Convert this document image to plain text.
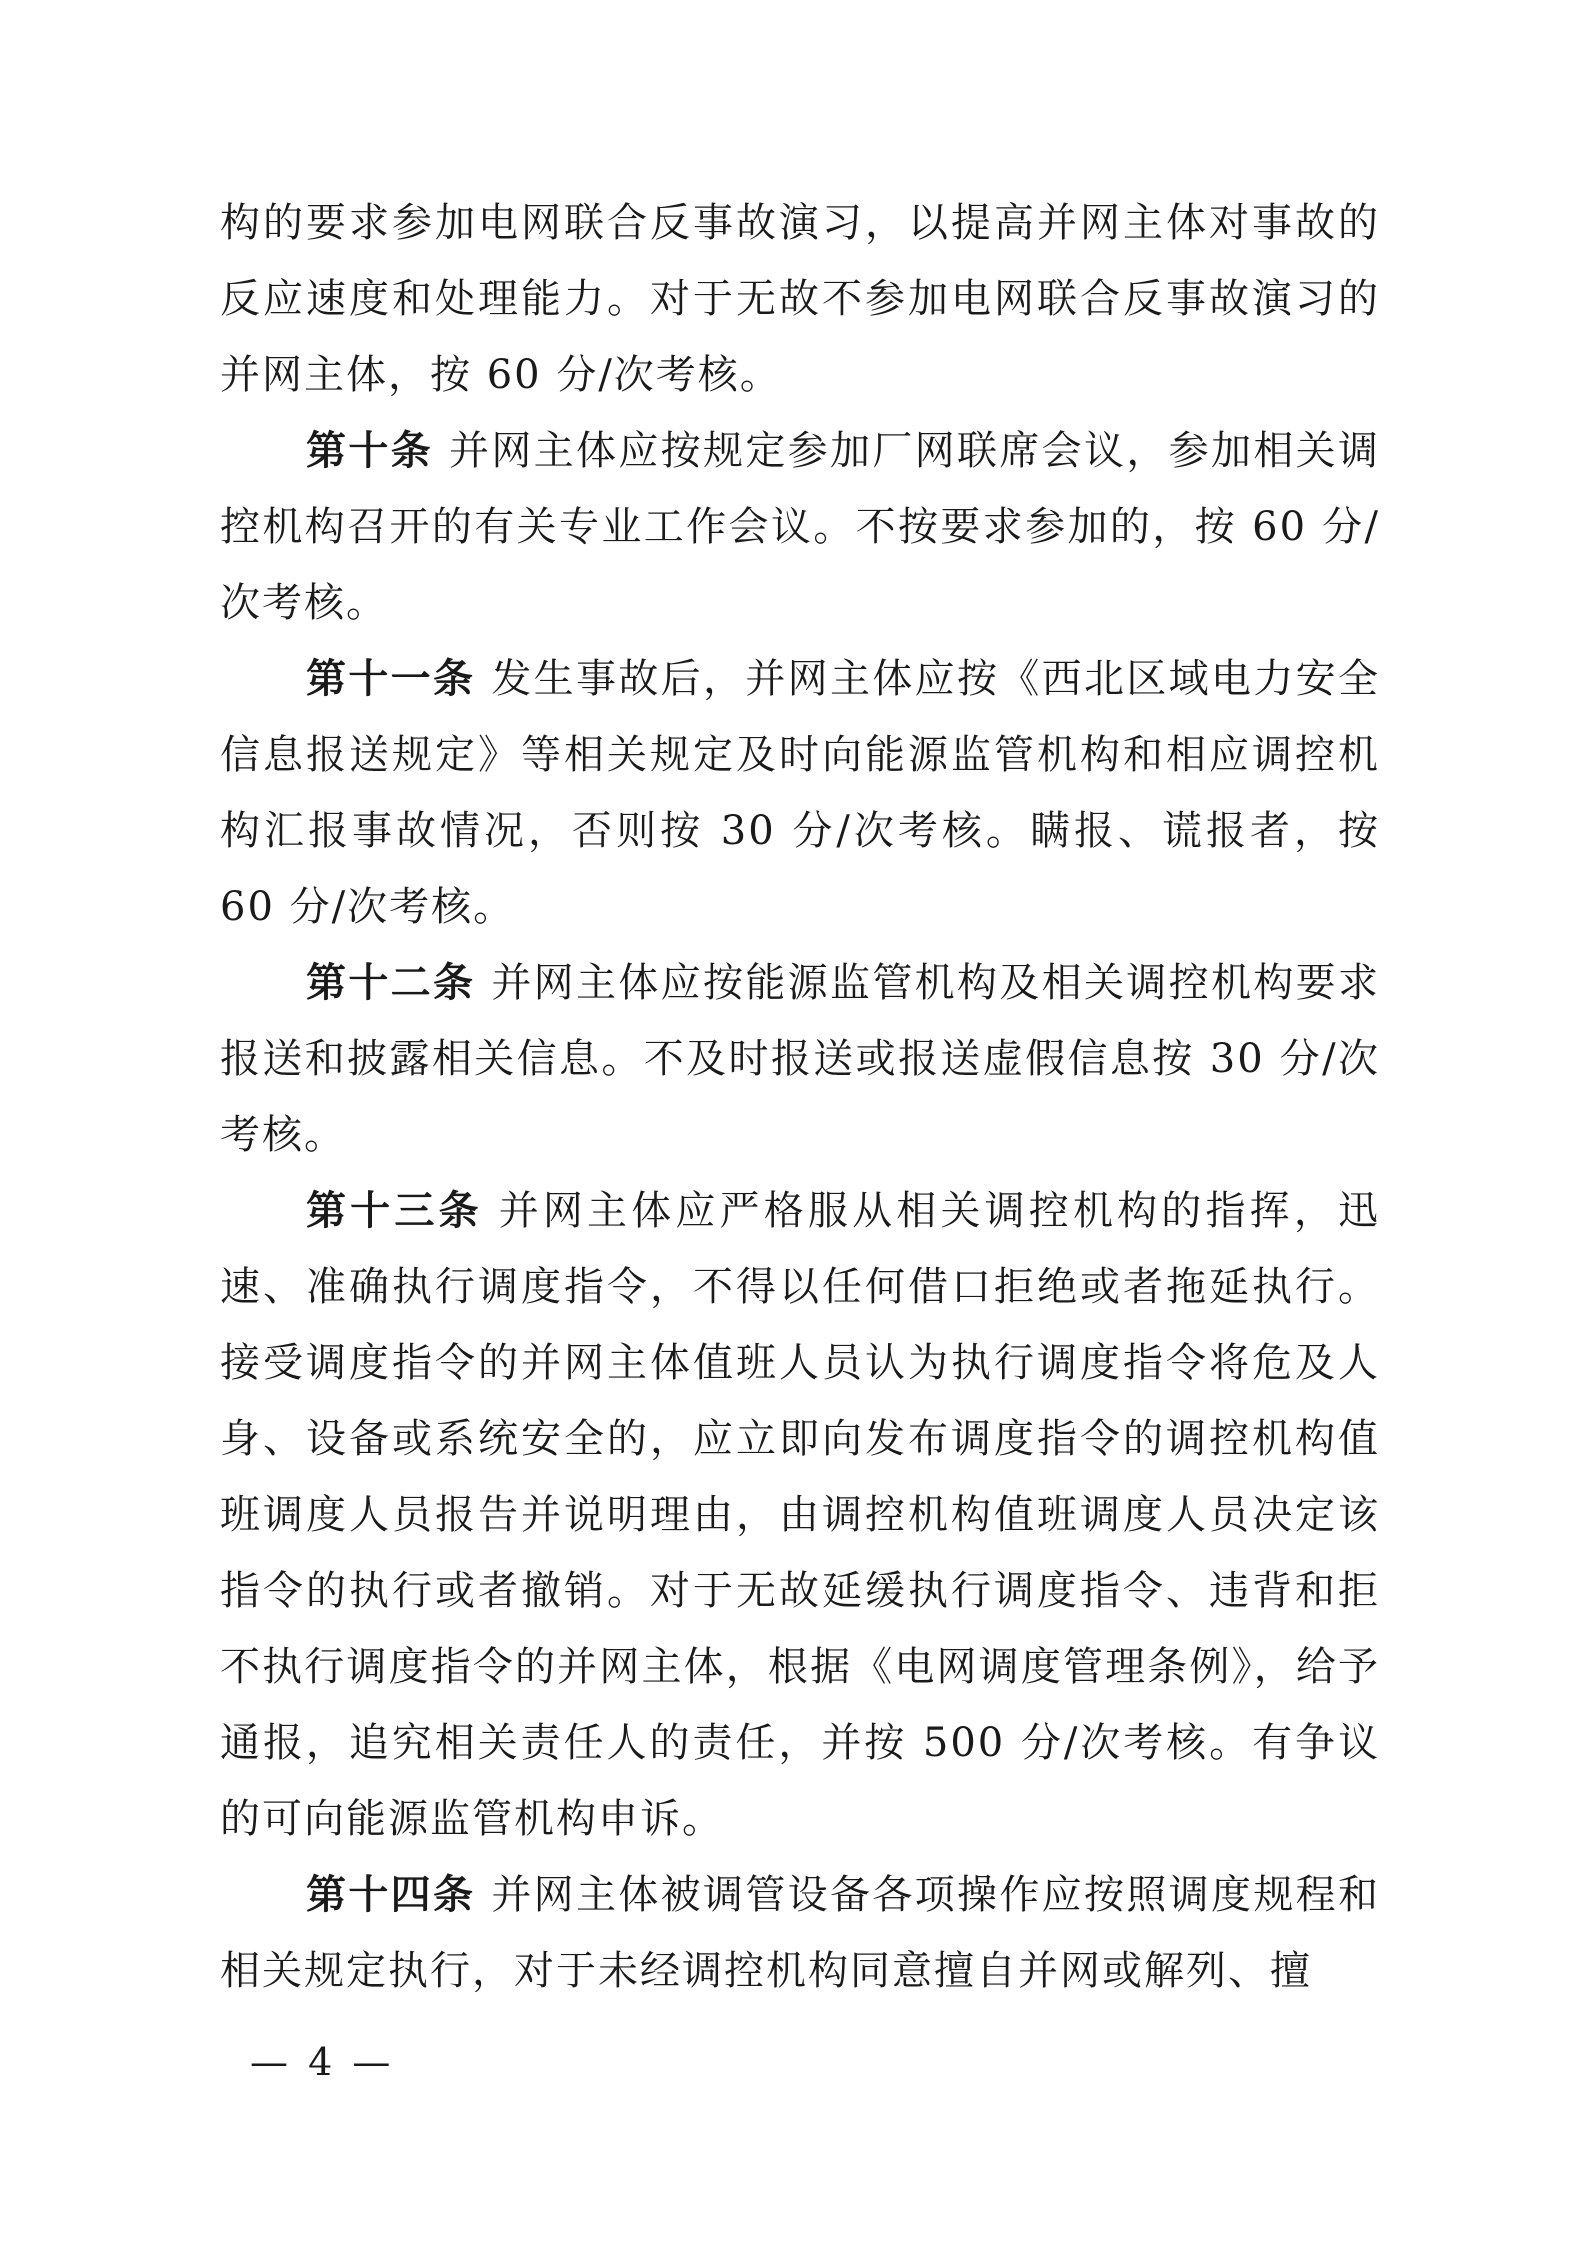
构的要求参加电网联合反事故演习，以提高并网主体对事故的反应速度和处理能力。对于无故不参加电网联合反事故演习的并网主体，按 60 分/次考核。

第十条 并网主体应按规定参加厂网联席会议，参加相关调控机构召开的有关专业工作会议。不按要求参加的，按 60 分/次考核。

第十一条 发生事故后，并网主体应按《西北区域电力安全信息报送规定》等相关规定及时向能源监管机构和相应调控机构汇报事故情况，否则按 30 分/次考核。瞒报、谎报者，按 60 分/次考核。

第十二条 并网主体应按能源监管机构及相关调控机构要求报送和披露相关信息。不及时报送或报送虚假信息按 30 分/次考核。

第十三条 并网主体应严格服从相关调控机构的指挥，迅速、准确执行调度指令，不得以任何借口拒绝或者拖延执行。接受调度指令的并网主体值班人员认为执行调度指令将危及人身、设备或系统安全的，应立即向发布调度指令的调控机构值班调度人员报告并说明理由，由调控机构值班调度人员决定该指令的执行或者撤销。对于无故延缓执行调度指令、违背和拒不执行调度指令的并网主体，根据《电网调度管理条例》，给予通报，追究相关责任人的责任，并按 500 分/次考核。有争议的可向能源监管机构申诉。

第十四条 并网主体被调管设备各项操作应按照调度规程和相关规定执行，对于未经调控机构同意擅自并网或解列、擅

— 4 —
